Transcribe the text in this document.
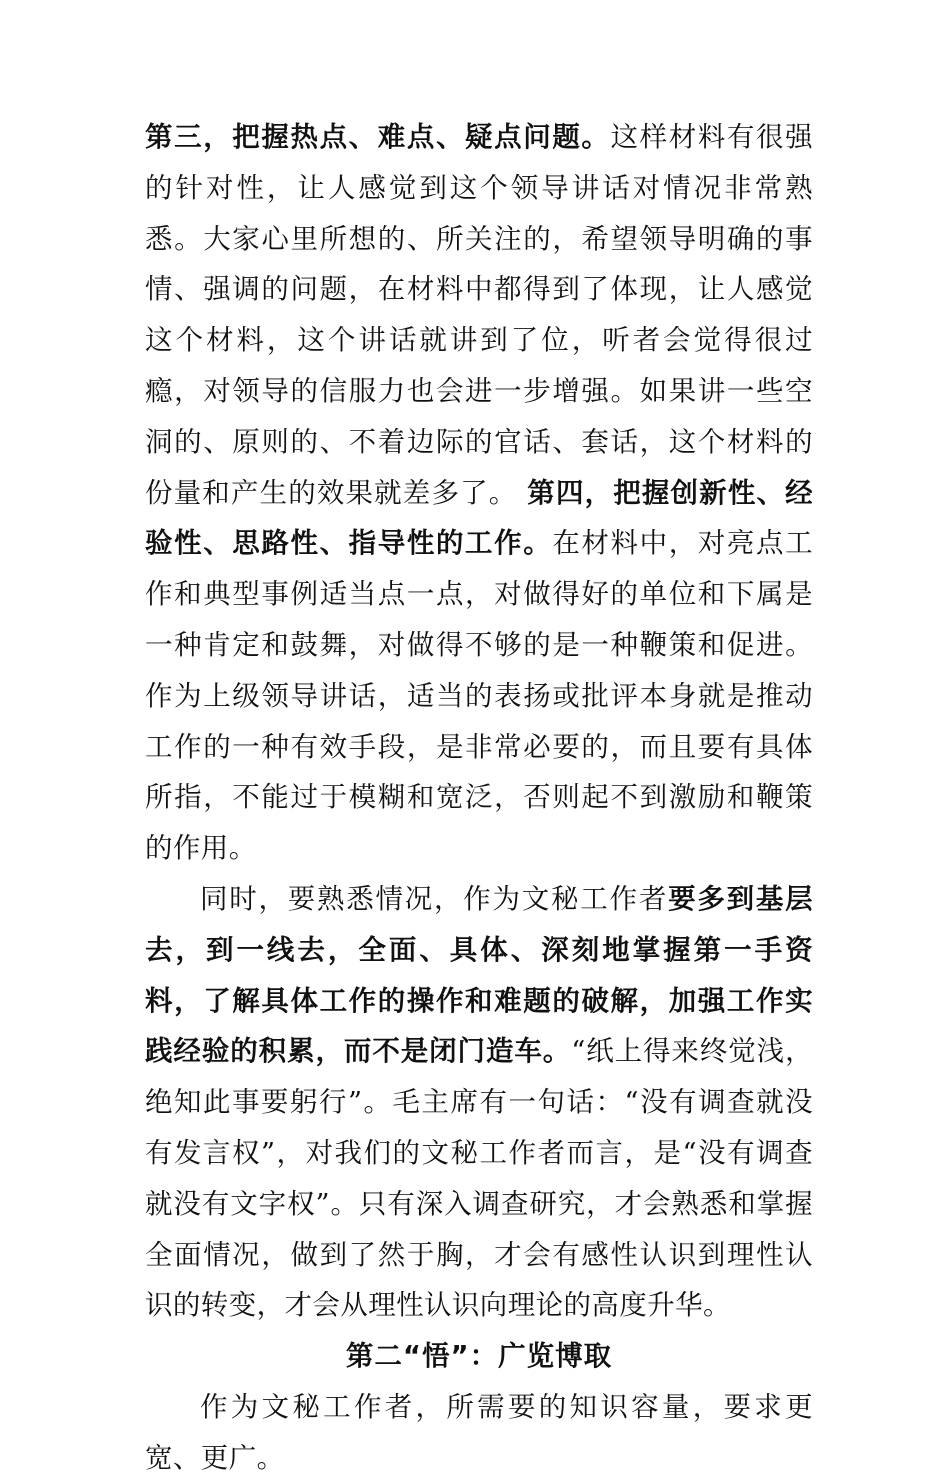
第三，把握热点、难点、疑点问题。这样材料有很强的针对性，让人感觉到这个领导讲话对情况非常熟悉。大家心里所想的、所关注的，希望领导明确的事情、强调的问题，在材料中都得到了体现，让人感觉这个材料，这个讲话就讲到了位，听者会觉得很过瘾，对领导的信服力也会进一步增强。如果讲一些空洞的、原则的、不着边际的官话、套话，这个材料的份量和产生的效果就差多了。 第四，把握创新性、经验性、思路性、指导性的工作。在材料中，对亮点工作和典型事例适当点一点，对做得好的单位和下属是一种肯定和鼓舞，对做得不够的是一种鞭策和促进。作为上级领导讲话，适当的表扬或批评本身就是推动工作的一种有效手段，是非常必要的，而且要有具体所指，不能过于模糊和宽泛，否则起不到激励和鞭策的作用。

同时，要熟悉情况，作为文秘工作者要多到基层去，到一线去，全面、具体、深刻地掌握第一手资料，了解具体工作的操作和难题的破解，加强工作实践经验的积累，而不是闭门造车。“纸上得来终觉浅，绝知此事要躬行”。毛主席有一句话：“没有调查就没有发言权”，对我们的文秘工作者而言，是“没有调查就没有文字权”。只有深入调查研究，才会熟悉和掌握全面情况，做到了然于胸，才会有感性认识到理性认识的转变，才会从理性认识向理论的高度升华。

第二“悟”：广览博取

作为文秘工作者，所需要的知识容量，要求更宽、更广。
